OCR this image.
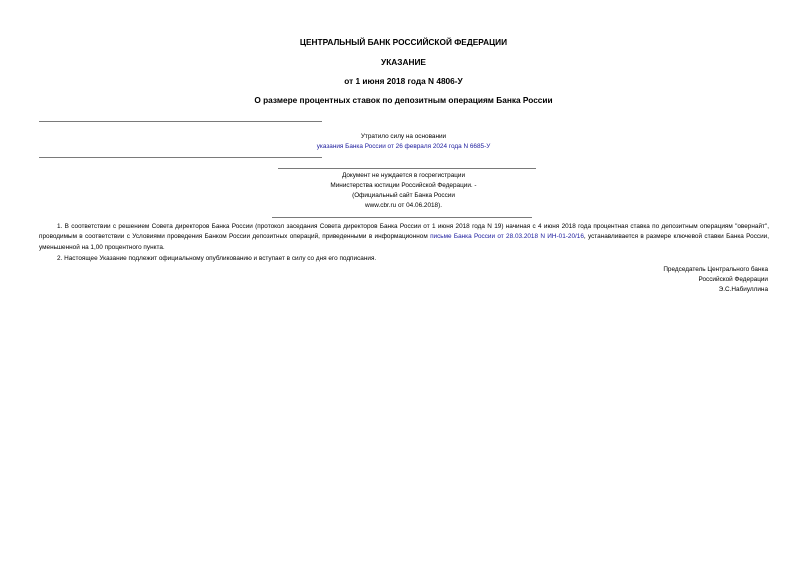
ЦЕНТРАЛЬНЫЙ БАНК РОССИЙСКОЙ ФЕДЕРАЦИИ
УКАЗАНИЕ
от 1 июня 2018 года N 4806-У
О размере процентных ставок по депозитным операциям Банка России
Утратило силу на основании
указания Банка России от 26 февраля 2024 года N 6685-У
Документ не нуждается в госрегистрации
Министерства юстиции Российской Федерации. -
(Официальный сайт Банка России
www.cbr.ru от 04.06.2018).
1. В соответствии с решением Совета директоров Банка России (протокол заседания Совета директоров Банка России от 1 июня 2018 года N 19) начиная с 4 июня 2018 года процентная ставка по депозитным операциям "овернайт", проводимым в соответствии с Условиями проведения Банком России депозитных операций, приведенными в информационном письме Банка России от 28.03.2018 N ИН-01-20/16, устанавливается в размере ключевой ставки Банка России, уменьшенной на 1,00 процентного пункта.
2. Настоящее Указание подлежит официальному опубликованию и вступает в силу со дня его подписания.
Председатель Центрального банка
Российской Федерации
Э.С.Набиуллина
